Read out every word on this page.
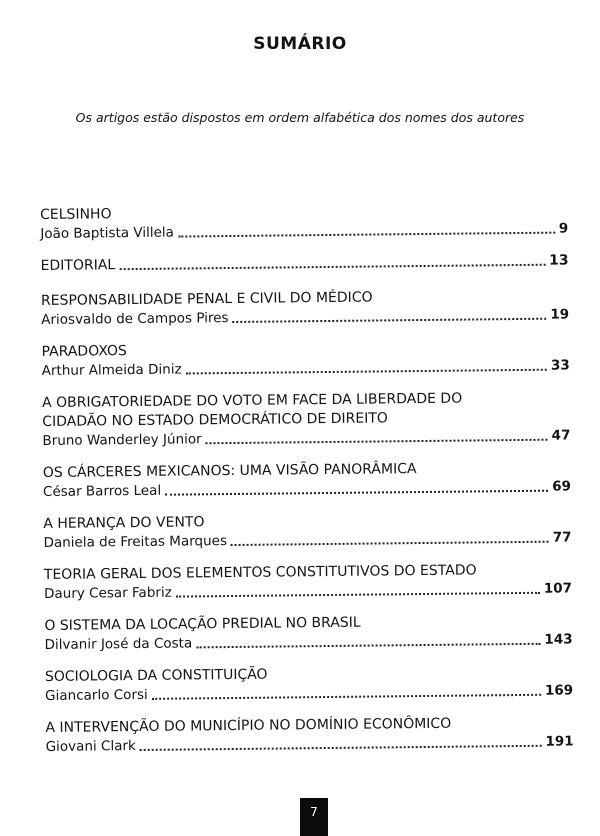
SUMÁRIO
Os artigos estão dispostos em ordem alfabética dos nomes dos autores
CELSINHO
João Baptista Villela	9
EDITORIAL	13
RESPONSABILIDADE PENAL E CIVIL DO MÉDICO
Ariosvaldo de Campos Pires	19
PARADOXOS
Arthur Almeida Diniz	33
A OBRIGATORIEDADE DO VOTO EM FACE DA LIBERDADE DO
CIDADÃO NO ESTADO DEMOCRÁTICO DE DIREITO
Bruno Wanderley Júnior	47
OS CÁRCERES MEXICANOS: UMA VISÃO PANORÂMICA
César Barros Leal	69
A HERANÇA DO VENTO
Daniela de Freitas Marques	77
TEORIA GERAL DOS ELEMENTOS CONSTITUTIVOS DO ESTADO
Daury Cesar Fabriz	107
O SISTEMA DA LOCAÇÃO PREDIAL NO BRASIL
Dilvanir José da Costa	143
SOCIOLOGIA DA CONSTITUIÇÃO
Giancarlo Corsi	169
A INTERVENÇÃO DO MUNICÍPIO NO DOMÍNIO ECONÔMICO
Giovani Clark	191
7
